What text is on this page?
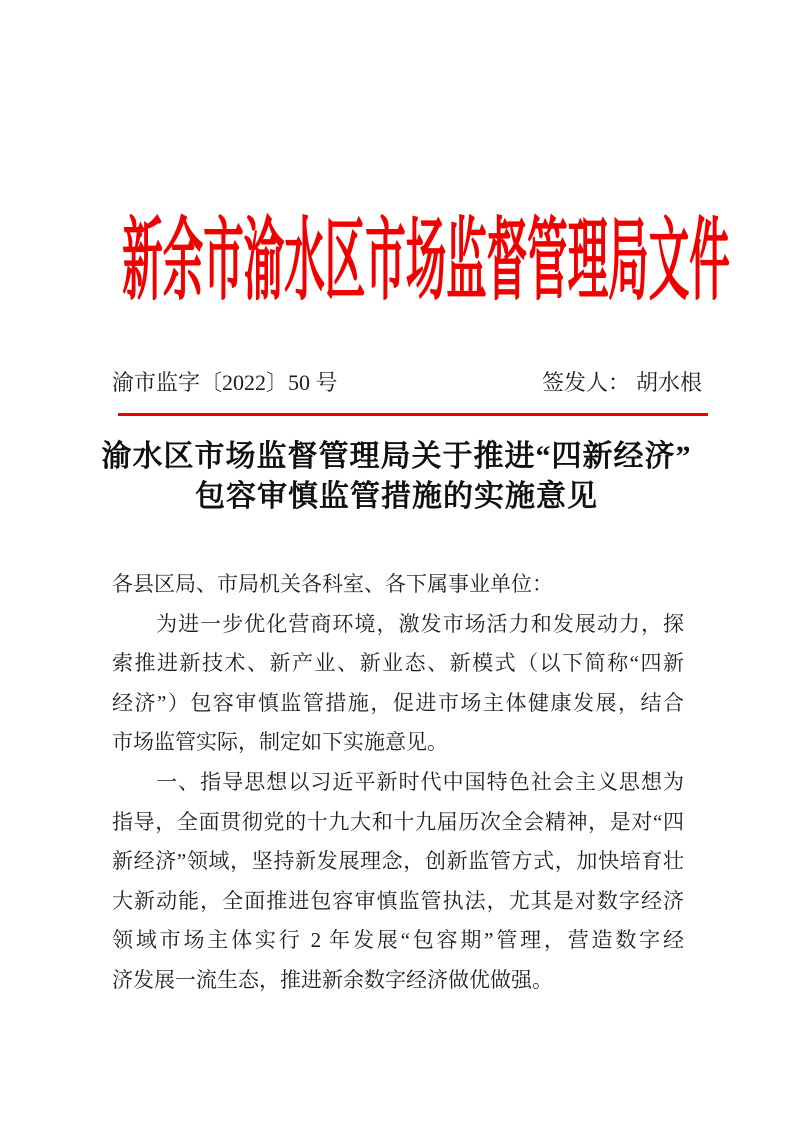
新余市渝水区市场监督管理局文件
渝市监字〔2022〕50 号	签发人： 胡水根
渝水区市场监督管理局关于推进“四新经济”
包容审慎监管措施的实施意见
各县区局、市局机关各科室、各下属事业单位：
　　为进一步优化营商环境，激发市场活力和发展动力，探
索推进新技术、新产业、新业态、新模式（以下简称“四新
经济”）包容审慎监管措施，促进市场主体健康发展，结合
市场监管实际，制定如下实施意见。
　　一、指导思想以习近平新时代中国特色社会主义思想为
指导，全面贯彻党的十九大和十九届历次全会精神，是对“四
新经济”领域，坚持新发展理念，创新监管方式，加快培育壮
大新动能，全面推进包容审慎监管执法，尤其是对数字经济
领域市场主体实行 2 年发展“包容期”管理，营造数字经
济发展一流生态，推进新余数字经济做优做强。
